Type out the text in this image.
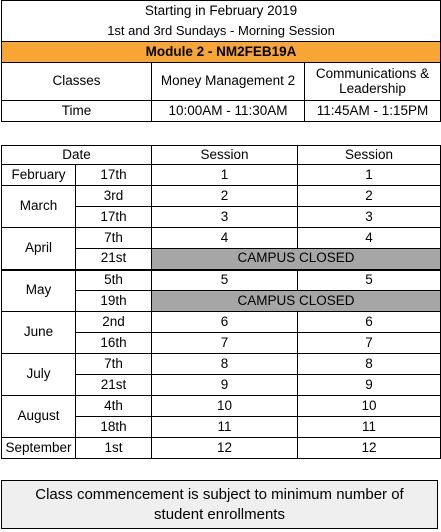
Starting in February 2019		
1st and 3rd Sundays - Morning Session		
Module 2 - NM2FEB19A		
Classes	Money Management 2	Communications & Leadership
Time	10:00AM - 11:30AM	11:45AM - 1:15PM
Date		Session	Session
February	17th	1	1
March	3rd	2	2
	17th	3	3
April	7th	4	4
	21st	CAMPUS CLOSED	
May	5th	5	5
	19th	CAMPUS CLOSED	
June	2nd	6	6
	16th	7	7
July	7th	8	8
	21st	9	9
August	4th	10	10
	18th	11	11
September	1st	12	12
Class commencement is subject to minimum number of student enrollments
